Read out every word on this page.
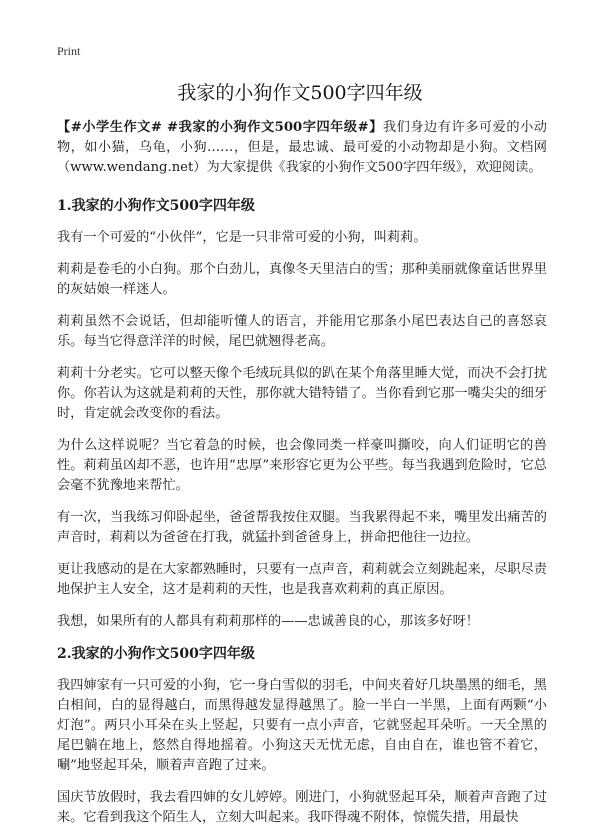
Print
我家的小狗作文500字四年级

【#小学生作文# #我家的小狗作文500字四年级#】我们身边有许多可爱的小动物，如小猫，乌龟，小狗……，但是，最忠诚、最可爱的小动物却是小狗。文档网（www.wendang.net）为大家提供《我家的小狗作文500字四年级》，欢迎阅读。

1.我家的小狗作文500字四年级

我有一个可爱的“小伙伴”，它是一只非常可爱的小狗，叫莉莉。

莉莉是卷毛的小白狗。那个白劲儿，真像冬天里洁白的雪；那种美丽就像童话世界里的灰姑娘一样迷人。

莉莉虽然不会说话，但却能听懂人的语言，并能用它那条小尾巴表达自己的喜怒哀乐。每当它得意洋洋的时候，尾巴就翘得老高。

莉莉十分老实。它可以整天像个毛绒玩具似的趴在某个角落里睡大觉，而决不会打扰你。你若认为这就是莉莉的天性，那你就大错特错了。当你看到它那一嘴尖尖的细牙时，肯定就会改变你的看法。

为什么这样说呢？当它着急的时候，也会像同类一样豪叫撕咬，向人们证明它的兽性。莉莉虽凶却不恶，也许用“忠厚”来形容它更为公平些。每当我遇到危险时，它总会毫不犹豫地来帮忙。

有一次，当我练习仰卧起坐，爸爸帮我按住双腿。当我累得起不来，嘴里发出痛苦的声音时，莉莉以为爸爸在打我，就猛扑到爸爸身上，拼命把他往一边拉。

更让我感动的是在大家都熟睡时，只要有一点声音，莉莉就会立刻跳起来，尽职尽责地保护主人安全，这才是莉莉的天性，也是我喜欢莉莉的真正原因。

我想，如果所有的人都具有莉莉那样的——忠诚善良的心，那该多好呀！

2.我家的小狗作文500字四年级

我四婶家有一只可爱的小狗，它一身白雪似的羽毛，中间夹着好几块墨黑的细毛，黑白相间，白的显得越白，而黑得越发显得越黑了。脸一半白一半黑，上面有两颗“小灯泡”。两只小耳朵在头上竖起，只要有一点小声音，它就竖起耳朵听。一天全黑的尾巴躺在地上，悠然自得地摇着。小狗这天无忧无虑，自由自在，谁也管不着它，唰”地竖起耳朵，顺着声音跑了过来。

国庆节放假时，我去看四婶的女儿婷婷。刚进门，小狗就竖起耳朵，顺着声音跑了过来。它看到我这个陌生人，立刻大叫起来。我吓得魂不附体，惊慌失措，用最快
